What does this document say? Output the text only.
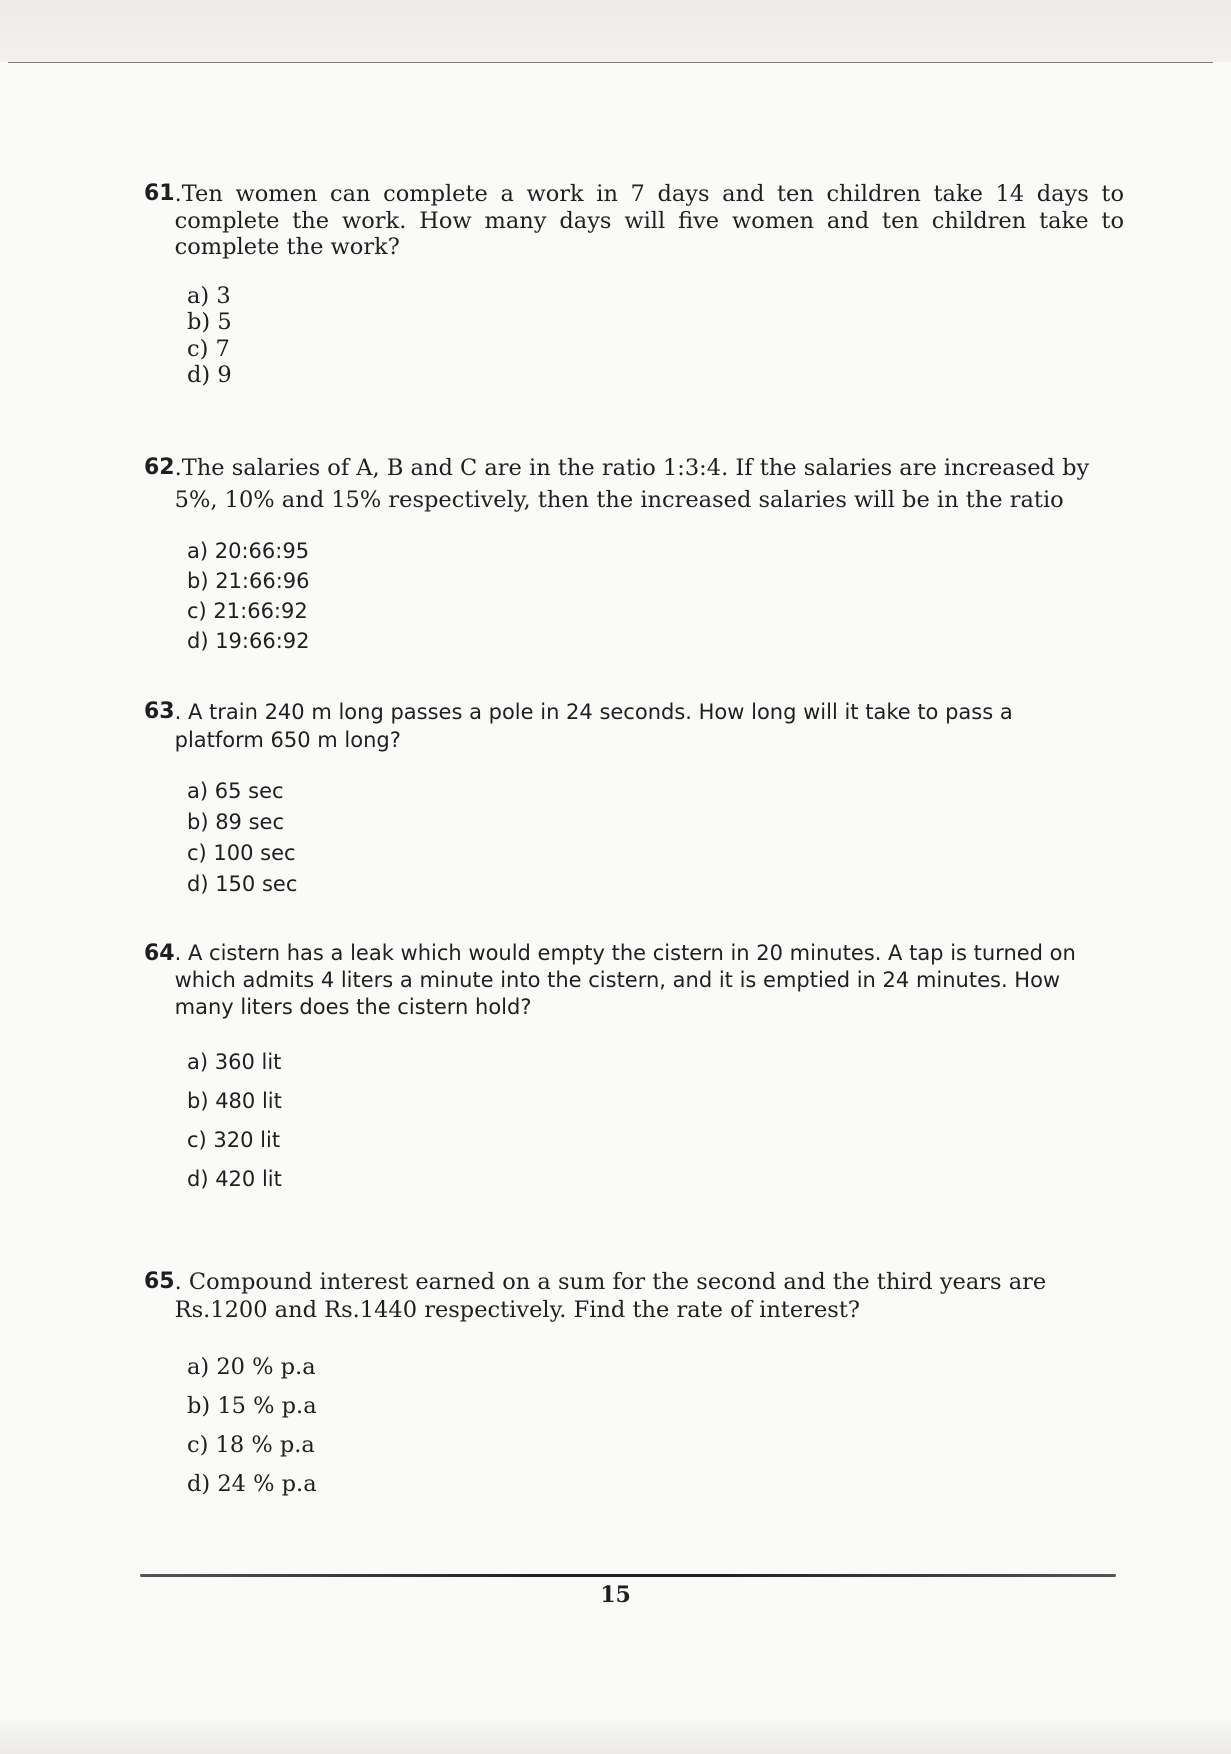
61 .Ten women can complete a work in 7 days and ten children take 14 days to complete the work. How many days will five women and ten children take to complete the work?

a) 3
b) 5
c) 7
d) 9

62 .The salaries of A, B and C are in the ratio 1:3:4. If the salaries are increased by 5%, 10% and 15% respectively, then the increased salaries will be in the ratio

a) 20:66:95
b) 21:66:96
c) 21:66:92
d) 19:66:92

63 . A train 240 m long passes a pole in 24 seconds. How long will it take to pass a platform 650 m long?

a) 65 sec
b) 89 sec
c) 100 sec
d) 150 sec

64 . A cistern has a leak which would empty the cistern in 20 minutes. A tap is turned on which admits 4 liters a minute into the cistern, and it is emptied in 24 minutes. How many liters does the cistern hold?

a) 360 lit
b) 480 lit
c) 320 lit
d) 420 lit

65 . Compound interest earned on a sum for the second and the third years are Rs.1200 and Rs.1440 respectively. Find the rate of interest?

a) 20 % p.a
b) 15 % p.a
c) 18 % p.a
d) 24 % p.a
15
